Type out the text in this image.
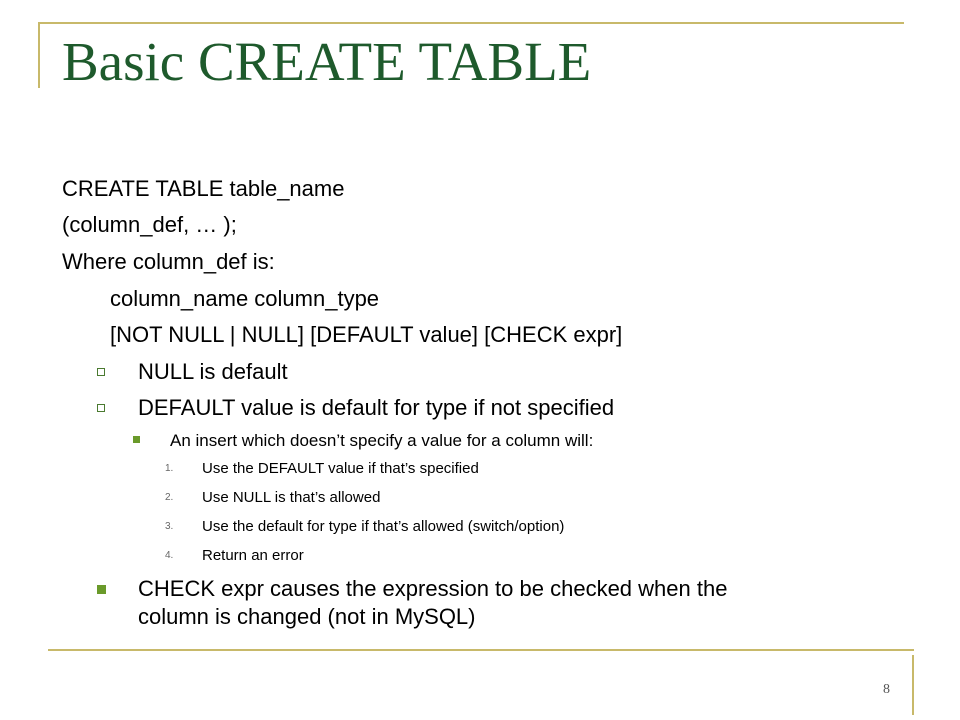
Basic CREATE TABLE
CREATE TABLE table_name
(column_def, … );
Where column_def is:
column_name column_type
[NOT NULL | NULL] [DEFAULT value] [CHECK expr]
NULL is default
DEFAULT value is default for type if not specified
An insert which doesn’t specify a value for a column will:
1. Use the DEFAULT value if that’s specified
2. Use NULL is that’s allowed
3. Use the default for type if that’s allowed (switch/option)
4. Return an error
CHECK expr causes the expression to be checked when the
column is changed (not in MySQL)
8
